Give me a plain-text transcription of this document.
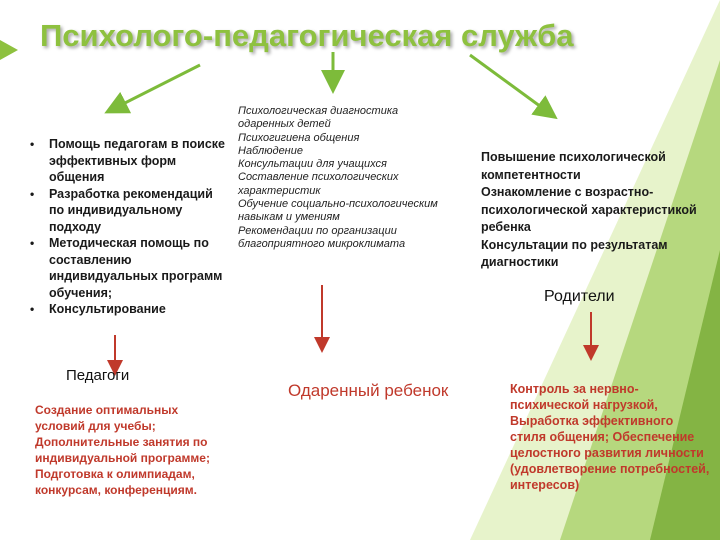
Психолого-педагогическая служба
• Помощь педагогам в поиске эффективных форм общения
• Разработка рекомендаций по индивидуальному подходу
• Методическая помощь по составлению индивидуальных программ обучения;
• Консультирование
Педагоги
Создание оптимальных условий для учебы; Дополнительные занятия по индивидуальной программе; Подготовка к олимпиадам, конкурсам, конференциям.
Психологическая диагностика
одаренных детей
Психогигиена общения
Наблюдение
Консультации для учащихся
Составление психологических
характеристик
Обучение социально-психологическим
навыкам и умениям
Рекомендации по организации
благоприятного микроклимата
Одаренный ребенок
Повышение психологической
компетентности
Ознакомление с возрастно-
психологической характеристикой
ребенка
Консультации по результатам
диагностики
Родители
Контроль за нервно-психической нагрузкой, Выработка эффективного стиля общения; Обеспечение целостного развития личности (удовлетворение потребностей, интересов)
